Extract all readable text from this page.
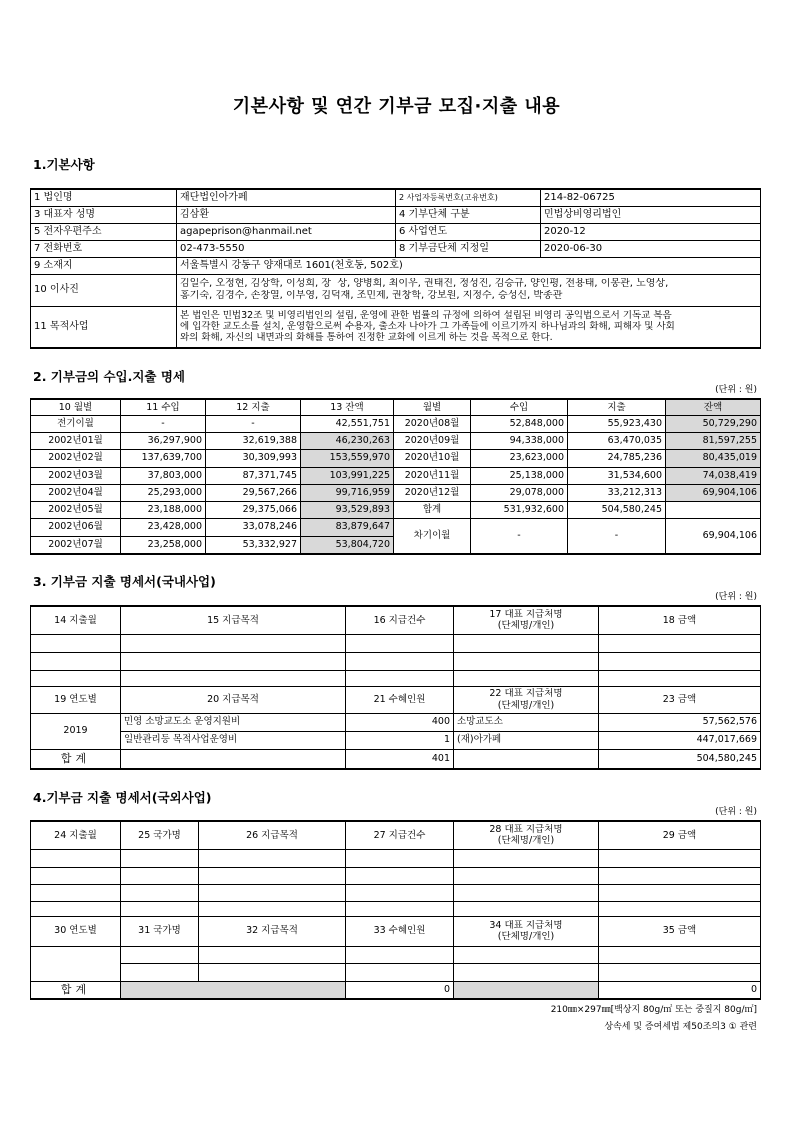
기본사항 및 연간 기부금 모집·지출 내용
1.기본사항
1 법인명	재단법인아가페	2 사업자등록번호(고유번호)	214-82-06725
3 대표자 성명	김삼환	4 기부단체 구분	민법상비영리법인
5 전자우편주소	agapeprison@hanmail.net	6 사업연도	2020-12
7 전화번호	02-473-5550	8 기부금단체 지정일	2020-06-30
9 소재지	서울특별시 강동구 양재대로 1601(천호동, 502호)		
10 이사진	김일수, 오정현, 김상학, 이성희, 장  상, 양병희, 최이우, 권태진, 정성진, 김승규, 양인평, 전용태, 이봉관, 노영상,
홍기숙, 김경수, 손창열, 이부영, 김덕재, 조민제, 권창학, 강보원, 지정수, 승성신, 박종관		

11 목적사업	본 법인은 민법32조 및 비영리법인의 설립, 운영에 관한 법률의 규정에 의하여 설립된 비영리 공익법으로서 기독교 복음
에 입각한 교도소를 설치, 운영함으로써 수용자, 출소자 나아가 그 가족들에 이르기까지 하나님과의 화해, 피해자 및 사회
와의 화해, 자신의 내면과의 화해를 통하여 진정한 교화에 이르게 하는 것을 목적으로 한다.		
2. 기부금의 수입.지출 명세
(단위 : 원)
10 월별	11 수입	12 지출	13 잔액	월별	수입	지출	잔액
전기이월	-	-	42,551,751	2020년08월	52,848,000	55,923,430	50,729,290
2002년01월	36,297,900	32,619,388	46,230,263	2020년09월	94,338,000	63,470,035	81,597,255
2002년02월	137,639,700	30,309,993	153,559,970	2020년10월	23,623,000	24,785,236	80,435,019
2002년03월	37,803,000	87,371,745	103,991,225	2020년11월	25,138,000	31,534,600	74,038,419
2002년04월	25,293,000	29,567,266	99,716,959	2020년12월	29,078,000	33,212,313	69,904,106
2002년05월	23,188,000	29,375,066	93,529,893	합계	531,932,600	504,580,245	
2002년06월	23,428,000	33,078,246	83,879,647	차기이월	-	-	69,904,106
2002년07월	23,258,000	53,332,927	53,804,720				
3. 기부금 지출 명세서(국내사업)
(단위 : 원)
14 지출월	15 지급목적	16 지급건수	17 대표 지급처명
(단체명/개인)	18 금액

19 연도별	20 지급목적	21 수혜인원	22 대표 지급처명
(단체명/개인)	23 금액
2019	민영 소망교도소 운영지원비	400	소망교도소	57,562,576
	일반관리등 목적사업운영비	1	(재)아가페	447,017,669
합계		401		504,580,245
4.기부금 지출 명세서(국외사업)
(단위 : 원)
24 지출월	25 국가명	26 지급목적	27 지급건수	28 대표 지급처명
(단체명/개인)	29 금액

30 연도별	31 국가명	32 지급목적	33 수혜인원	34 대표 지급처명
(단체명/개인)	35 금액

합계			0		0
210㎜×297㎜[백상지 80g/㎡ 또는 중질지 80g/㎡]
상속세 및 증여세법 제50조의3 ① 관련
